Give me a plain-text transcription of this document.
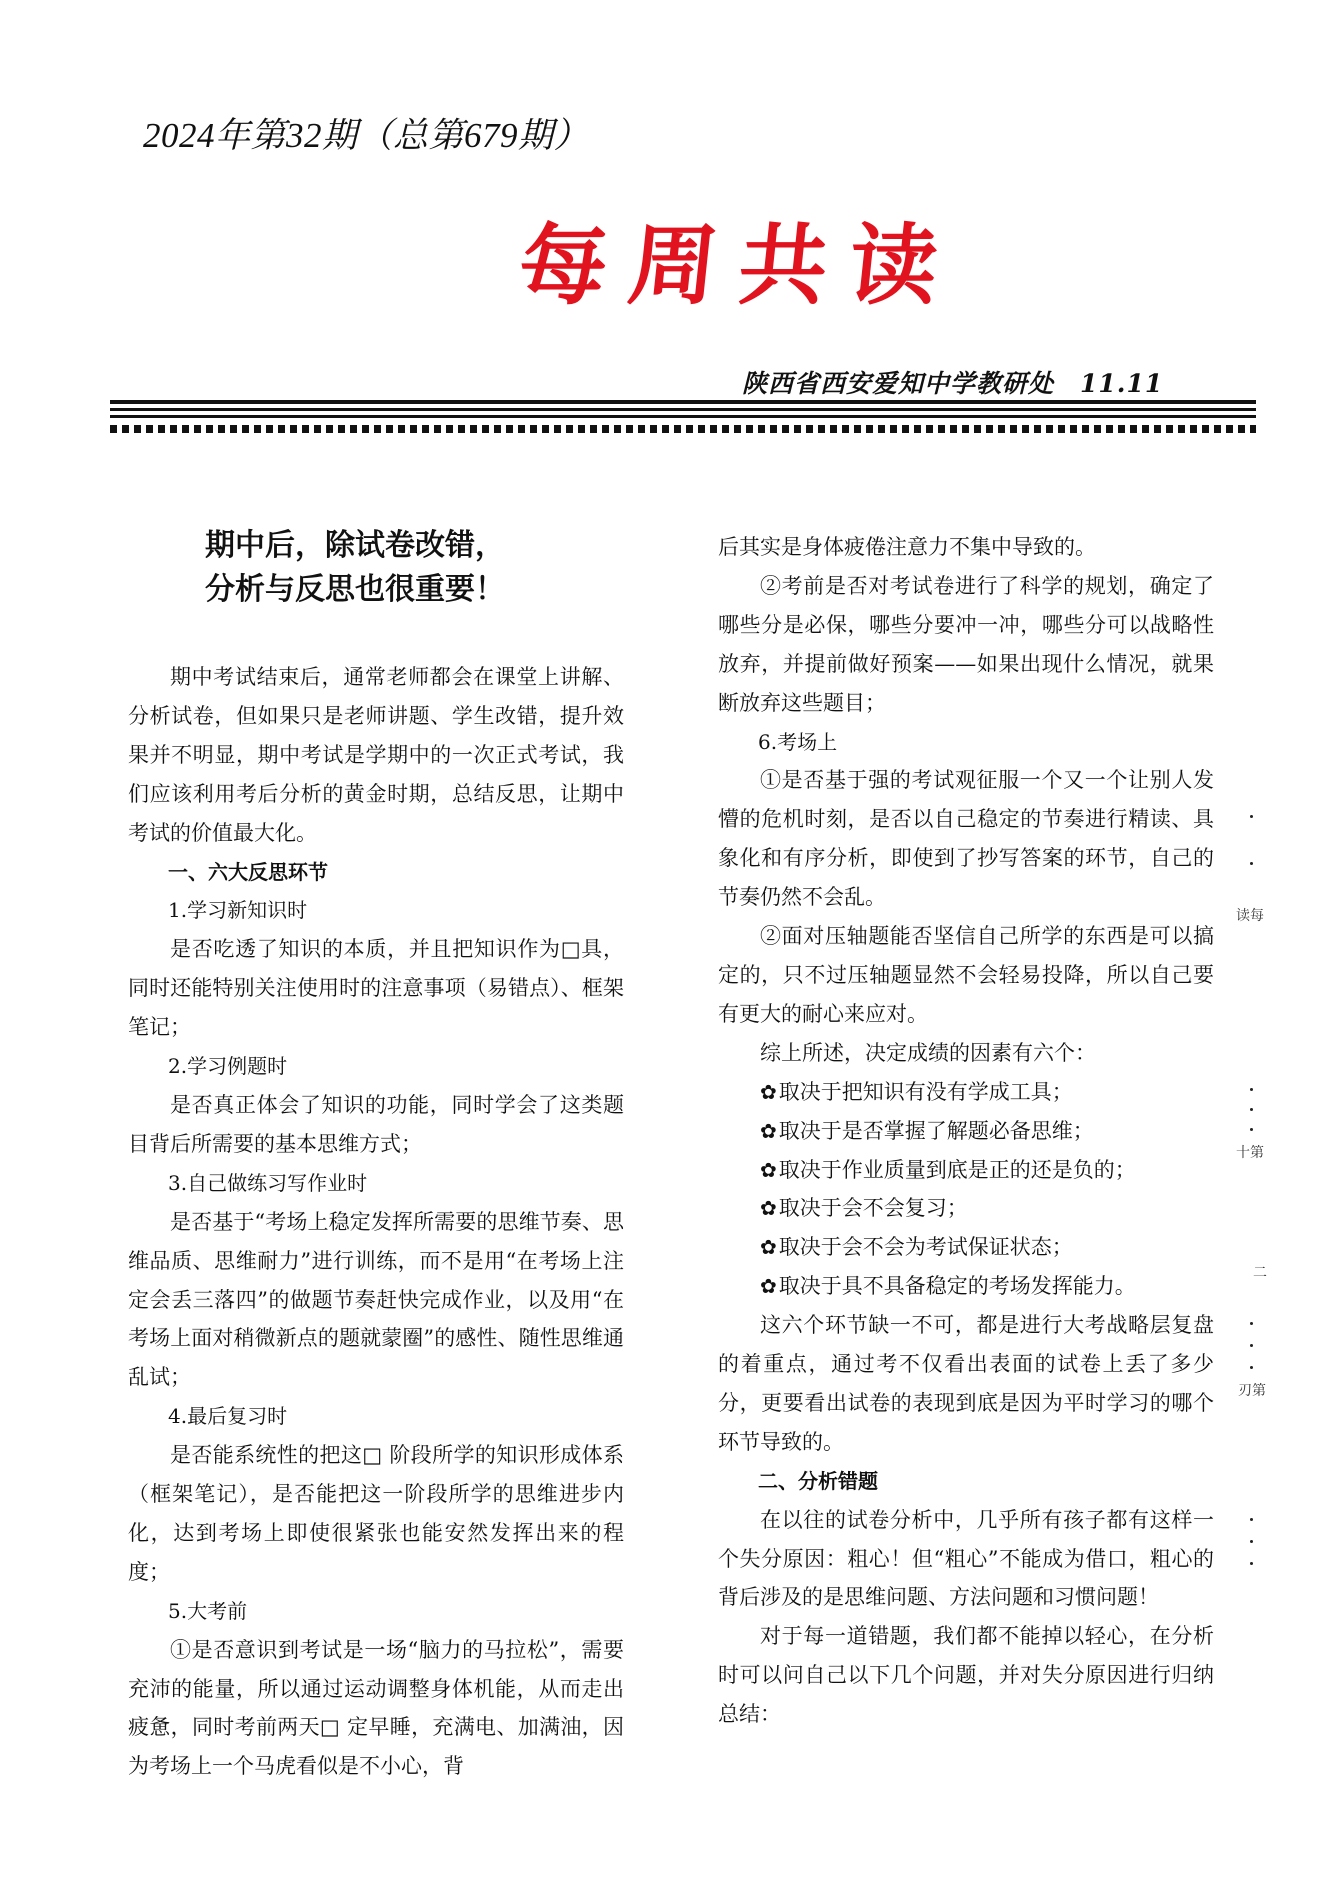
2024年第32期（总第679期）
每周共读
陕西省西安爱知中学教研处 11.11
期中后，除试卷改错，
分析与反思也很重要！

期中考试结束后，通常老师都会在课堂上讲解、分析试卷，但如果只是老师讲题、学生改错，提升效果并不明显，期中考试是学期中的一次正式考试，我们应该利用考后分析的黄金时期，总结反思，让期中考试的价值最大化。

一、六大反思环节

1.学习新知识时

是否吃透了知识的本质，并且把知识作为□具，同时还能特别关注使用时的注意事项（易错点）、框架笔记；

2.学习例题时

是否真正体会了知识的功能，同时学会了这类题目背后所需要的基本思维方式；

3.自己做练习写作业时

是否基于“考场上稳定发挥所需要的思维节奏、思维品质、思维耐力”进行训练，而不是用“在考场上注定会丢三落四”的做题节奏赶快完成作业，以及用“在考场上面对稍微新点的题就蒙圈”的感性、随性思维通乱试；

4.最后复习时

是否能系统性的把这□ 阶段所学的知识形成体系（框架笔记），是否能把这一阶段所学的思维进步内化，达到考场上即使很紧张也能安然发挥出来的程度；

5.大考前

①是否意识到考试是一场“脑力的马拉松”，需要充沛的能量，所以通过运动调整身体机能，从而走出疲惫，同时考前两天□ 定早睡，充满电、加满油，因为考场上一个马虎看似是不小心，背

后其实是身体疲倦注意力不集中导致的。

②考前是否对考试卷进行了科学的规划，确定了哪些分是必保，哪些分要冲一冲，哪些分可以战略性放弃，并提前做好预案——如果出现什么情况，就果断放弃这些题目；

6.考场上

①是否基于强的考试观征服一个又一个让别人发懵的危机时刻，是否以自己稳定的节奏进行精读、具象化和有序分析，即使到了抄写答案的环节，自己的节奏仍然不会乱。

②面对压轴题能否坚信自己所学的东西是可以搞定的，只不过压轴题显然不会轻易投降，所以自己要有更大的耐心来应对。

综上所述，决定成绩的因素有六个：

✿取决于把知识有没有学成工具；

✿取决于是否掌握了解题必备思维；

✿取决于作业质量到底是正的还是负的；

✿取决于会不会复习；

✿取决于会不会为考试保证状态；

✿取决于具不具备稳定的考场发挥能力。

这六个环节缺一不可，都是进行大考战略层复盘的着重点，通过考不仅看出表面的试卷上丢了多少分，更要看出试卷的表现到底是因为平时学习的哪个环节导致的。

二、分析错题

在以往的试卷分析中，几乎所有孩子都有这样一个失分原因：粗心！但“粗心”不能成为借口，粗心的背后涉及的是思维问题、方法问题和习惯问题！

对于每一道错题，我们都不能掉以轻心，在分析时可以问自己以下几个问题，并对失分原因进行归纳总结：

读每
十第
二
刃第
